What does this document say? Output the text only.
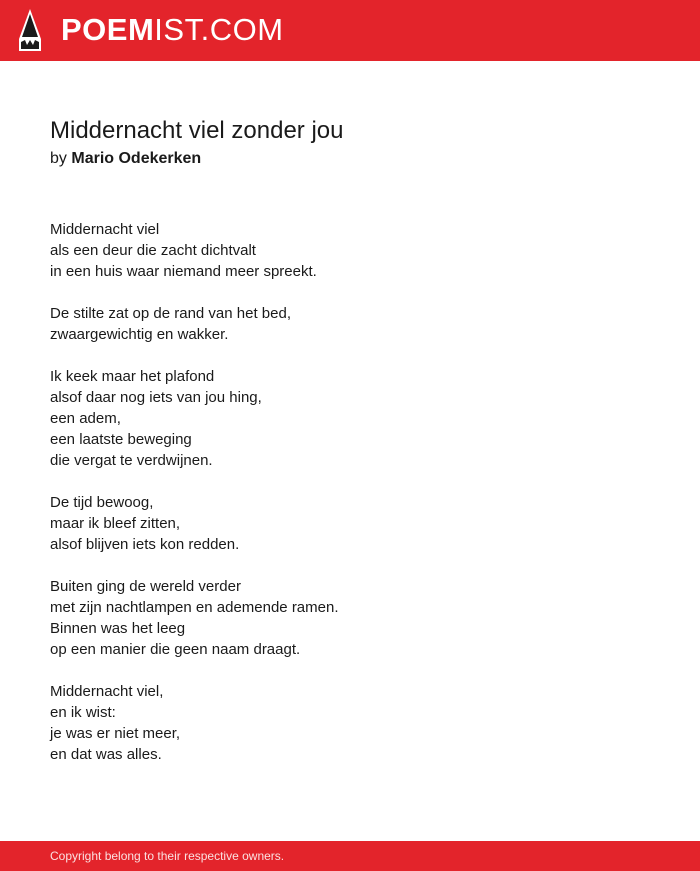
POEMIST.COM
Middernacht viel zonder jou
by Mario Odekerken
Middernacht viel
als een deur die zacht dichtvalt
in een huis waar niemand meer spreekt.
De stilte zat op de rand van het bed,
zwaargewichtig en wakker.
Ik keek maar het plafond
alsof daar nog iets van jou hing,
een adem,
een laatste beweging
die vergat te verdwijnen.
De tijd bewoog,
maar ik bleef zitten,
alsof blijven iets kon redden.
Buiten ging de wereld verder
met zijn nachtlampen en ademende ramen.
Binnen was het leeg
op een manier die geen naam draagt.
Middernacht viel,
en ik wist:
je was er niet meer,
en dat was alles.
Copyright belong to their respective owners.
